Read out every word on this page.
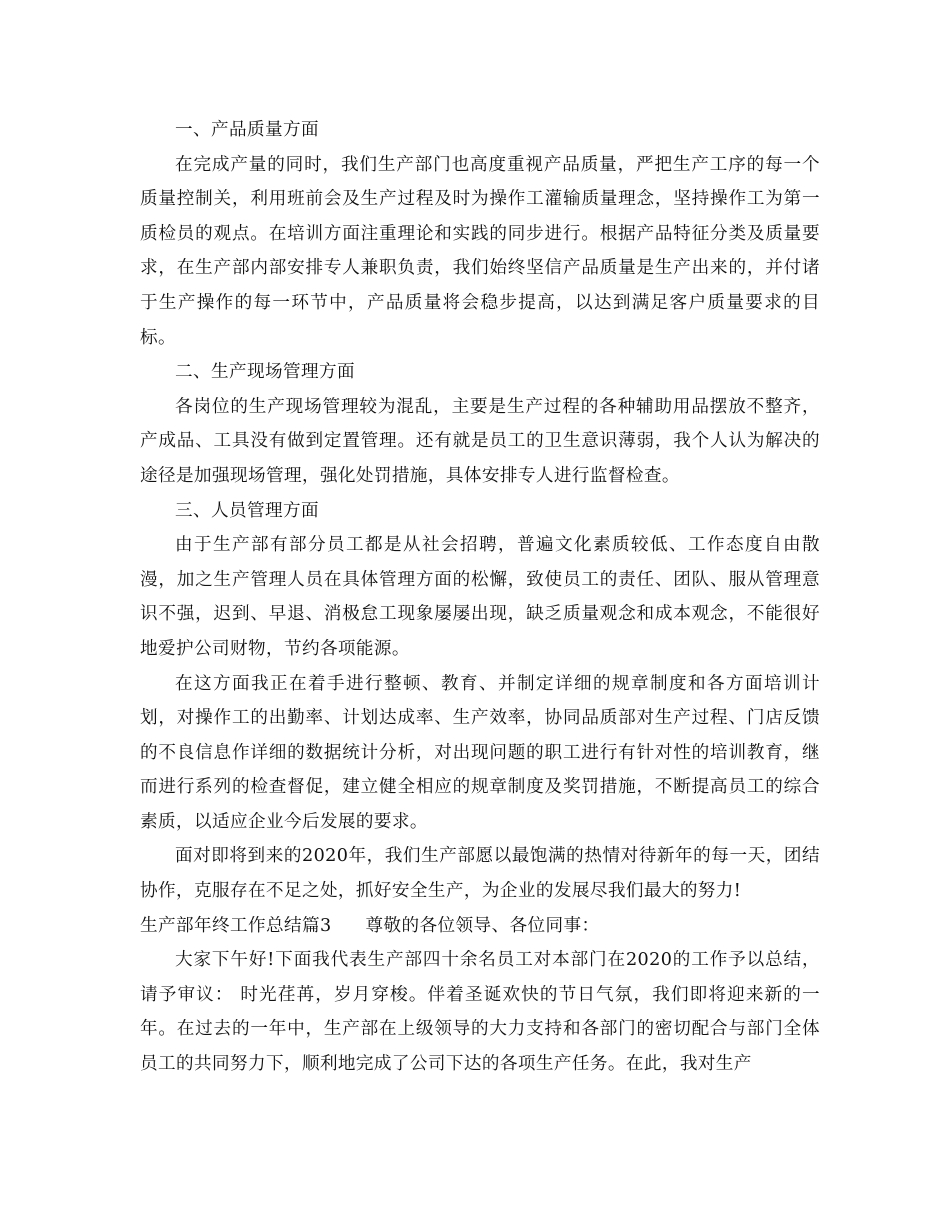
一、产品质量方面

在完成产量的同时，我们生产部门也高度重视产品质量，严把生产工序的每一个质量控制关，利用班前会及生产过程及时为操作工灌输质量理念，坚持操作工为第一质检员的观点。在培训方面注重理论和实践的同步进行。根据产品特征分类及质量要求，在生产部内部安排专人兼职负责，我们始终坚信产品质量是生产出来的，并付诸于生产操作的每一环节中，产品质量将会稳步提高，以达到满足客户质量要求的目标。

二、生产现场管理方面

各岗位的生产现场管理较为混乱，主要是生产过程的各种辅助用品摆放不整齐，产成品、工具没有做到定置管理。还有就是员工的卫生意识薄弱，我个人认为解决的途径是加强现场管理，强化处罚措施，具体安排专人进行监督检查。

三、人员管理方面

由于生产部有部分员工都是从社会招聘，普遍文化素质较低、工作态度自由散漫，加之生产管理人员在具体管理方面的松懈，致使员工的责任、团队、服从管理意识不强，迟到、早退、消极怠工现象屡屡出现，缺乏质量观念和成本观念，不能很好地爱护公司财物，节约各项能源。

在这方面我正在着手进行整顿、教育、并制定详细的规章制度和各方面培训计划，对操作工的出勤率、计划达成率、生产效率，协同品质部对生产过程、门店反馈的不良信息作详细的数据统计分析，对出现问题的职工进行有针对性的培训教育，继而进行系列的检查督促，建立健全相应的规章制度及奖罚措施，不断提高员工的综合素质，以适应企业今后发展的要求。

面对即将到来的2020年，我们生产部愿以最饱满的热情对待新年的每一天，团结协作，克服存在不足之处，抓好安全生产，为企业的发展尽我们最大的努力!

生产部年终工作总结篇3 尊敬的各位领导、各位同事：

大家下午好!下面我代表生产部四十余名员工对本部门在2020的工作予以总结，请予审议： 时光荏苒，岁月穿梭。伴着圣诞欢快的节日气氛，我们即将迎来新的一年。在过去的一年中，生产部在上级领导的大力支持和各部门的密切配合与部门全体员工的共同努力下，顺利地完成了公司下达的各项生产任务。在此，我对生产
